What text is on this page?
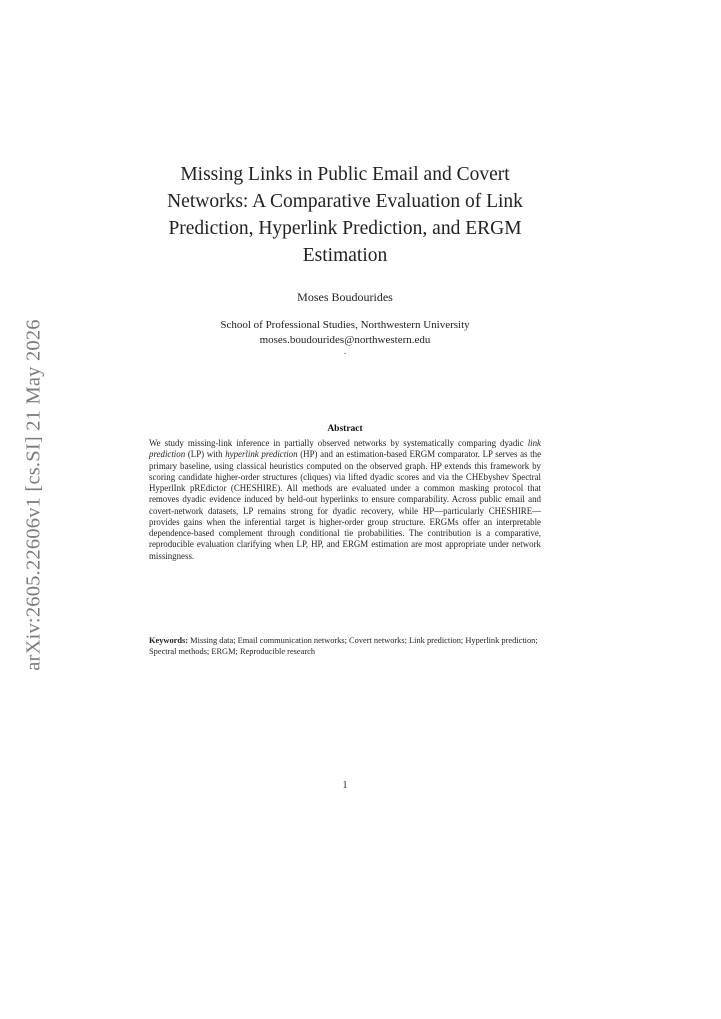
arXiv:2605.22606v1 [cs.SI] 21 May 2026
Missing Links in Public Email and Covert Networks: A Comparative Evaluation of Link Prediction, Hyperlink Prediction, and ERGM Estimation
Moses Boudourides
School of Professional Studies, Northwestern University
moses.boudourides@northwestern.edu
.
Abstract
We study missing-link inference in partially observed networks by systematically comparing dyadic link prediction (LP) with hyperlink prediction (HP) and an estimation-based ERGM comparator. LP serves as the primary baseline, using classical heuristics computed on the observed graph. HP extends this framework by scoring candidate higher-order structures (cliques) via lifted dyadic scores and via the CHEbyshev Spectral HyperlInk pREdictor (CHESHIRE). All methods are evaluated under a common masking protocol that removes dyadic evidence induced by held-out hyperlinks to ensure comparability. Across public email and covert-network datasets, LP remains strong for dyadic recovery, while HP—particularly CHESHIRE—provides gains when the inferential target is higher-order group structure. ERGMs offer an interpretable dependence-based complement through conditional tie probabilities. The contribution is a comparative, reproducible evaluation clarifying when LP, HP, and ERGM estimation are most appropriate under network missingness.
Keywords: Missing data; Email communication networks; Covert networks; Link prediction; Hyperlink prediction; Spectral methods; ERGM; Reproducible research
1
